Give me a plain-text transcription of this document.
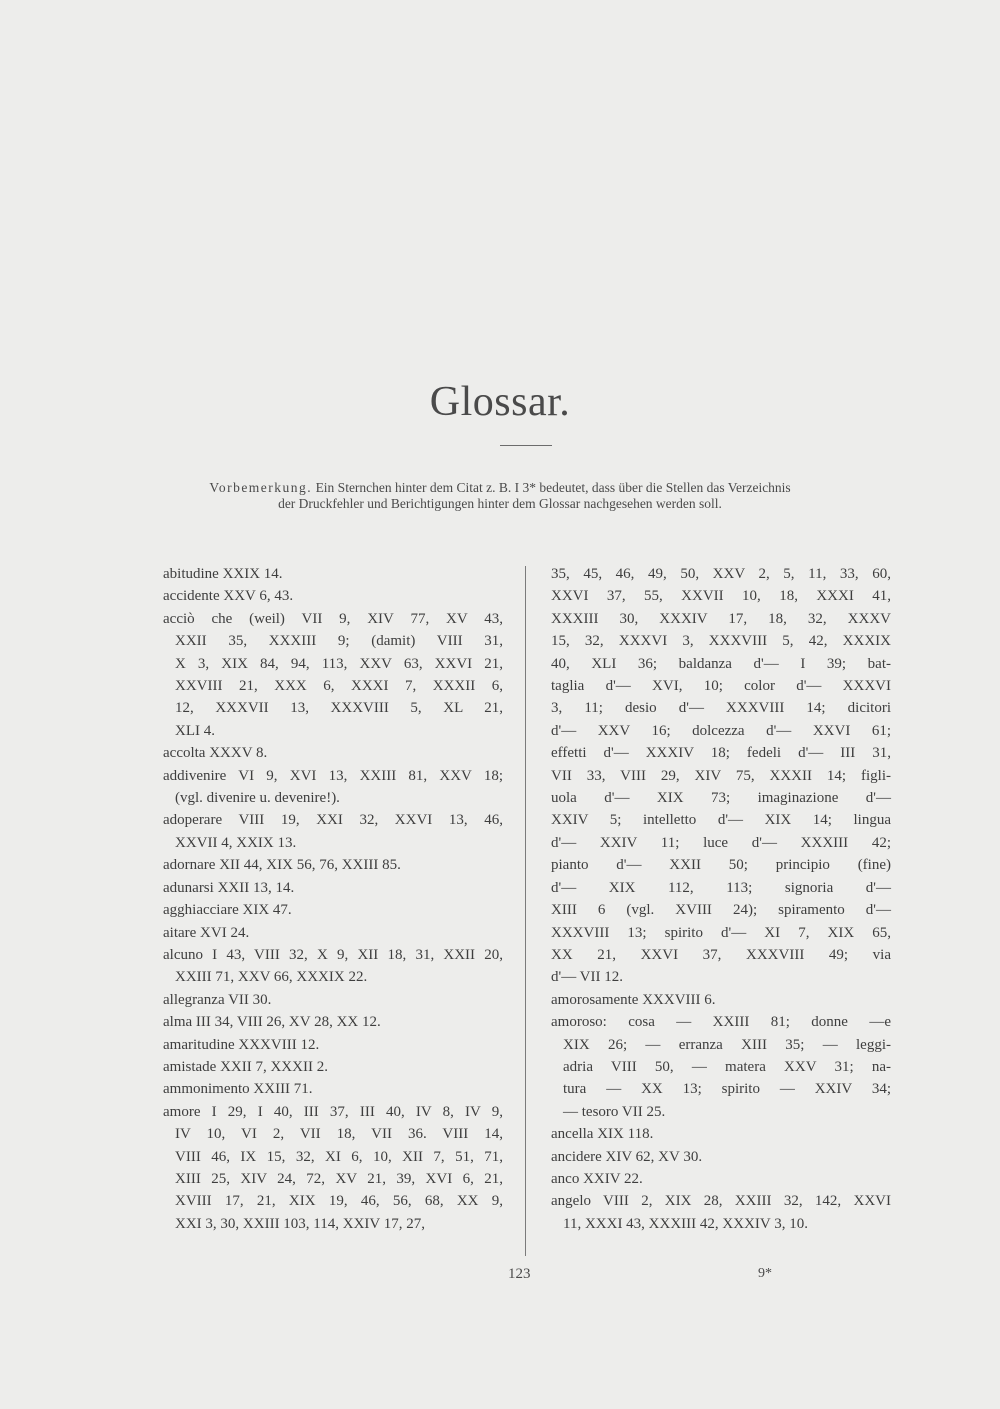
Glossar.
Vorbemerkung. Ein Sternchen hinter dem Citat z. B. I 3* bedeutet, dass über die Stellen das Verzeichnis
der Druckfehler und Berichtigungen hinter dem Glossar nachgesehen werden soll.
abitudine XXIX 14.
accidente XXV 6, 43.
acciò che (weil) VII 9, XIV 77, XV 43,
XXII 35, XXXIII 9; (damit) VIII 31,
X 3, XIX 84, 94, 113, XXV 63, XXVI 21,
XXVIII 21, XXX 6, XXXI 7, XXXII 6,
12, XXXVII 13, XXXVIII 5, XL 21,
XLI 4.
accolta XXXV 8.
addivenire VI 9, XVI 13, XXIII 81, XXV 18;
(vgl. divenire u. devenire!).
adoperare VIII 19, XXI 32, XXVI 13, 46,
XXVII 4, XXIX 13.
adornare XII 44, XIX 56, 76, XXIII 85.
adunarsi XXII 13, 14.
agghiacciare XIX 47.
aitare XVI 24.
alcuno I 43, VIII 32, X 9, XII 18, 31, XXII 20,
XXIII 71, XXV 66, XXXIX 22.
allegranza VII 30.
alma III 34, VIII 26, XV 28, XX 12.
amaritudine XXXVIII 12.
amistade XXII 7, XXXII 2.
ammonimento XXIII 71.
amore I 29, I 40, III 37, III 40, IV 8, IV 9,
IV 10, VI 2, VII 18, VII 36. VIII 14,
VIII 46, IX 15, 32, XI 6, 10, XII 7, 51, 71,
XIII 25, XIV 24, 72, XV 21, 39, XVI 6, 21,
XVIII 17, 21, XIX 19, 46, 56, 68, XX 9,
XXI 3, 30, XXIII 103, 114, XXIV 17, 27,
35, 45, 46, 49, 50, XXV 2, 5, 11, 33, 60,
XXVI 37, 55, XXVII 10, 18, XXXI 41,
XXXIII 30, XXXIV 17, 18, 32, XXXV
15, 32, XXXVI 3, XXXVIII 5, 42, XXXIX
40, XLI 36; baldanza d'— I 39; bat-
taglia d'— XVI, 10; color d'— XXXVI
3, 11; desio d'— XXXVIII 14; dicitori
d'— XXV 16; dolcezza d'— XXVI 61;
effetti d'— XXXIV 18; fedeli d'— III 31,
VII 33, VIII 29, XIV 75, XXXII 14; figli-
uola d'— XIX 73; imaginazione d'—
XXIV 5; intelletto d'— XIX 14; lingua
d'— XXIV 11; luce d'— XXXIII 42;
pianto d'— XXII 50; principio (fine)
d'— XIX 112, 113; signoria d'—
XIII 6 (vgl. XVIII 24); spiramento d'—
XXXVIII 13; spirito d'— XI 7, XIX 65,
XX 21, XXVI 37, XXXVIII 49; via
d'— VII 12.
amorosamente XXXVIII 6.
amoroso: cosa — XXIII 81; donne —e
XIX 26; — erranza XIII 35; — leggi-
adria VIII 50, — matera XXV 31; na-
tura — XX 13; spirito — XXIV 34;
— tesoro VII 25.
ancella XIX 118.
ancidere XIV 62, XV 30.
anco XXIV 22.
angelo VIII 2, XIX 28, XXIII 32, 142, XXVI
11, XXXI 43, XXXIII 42, XXXIV 3, 10.
123	9*
